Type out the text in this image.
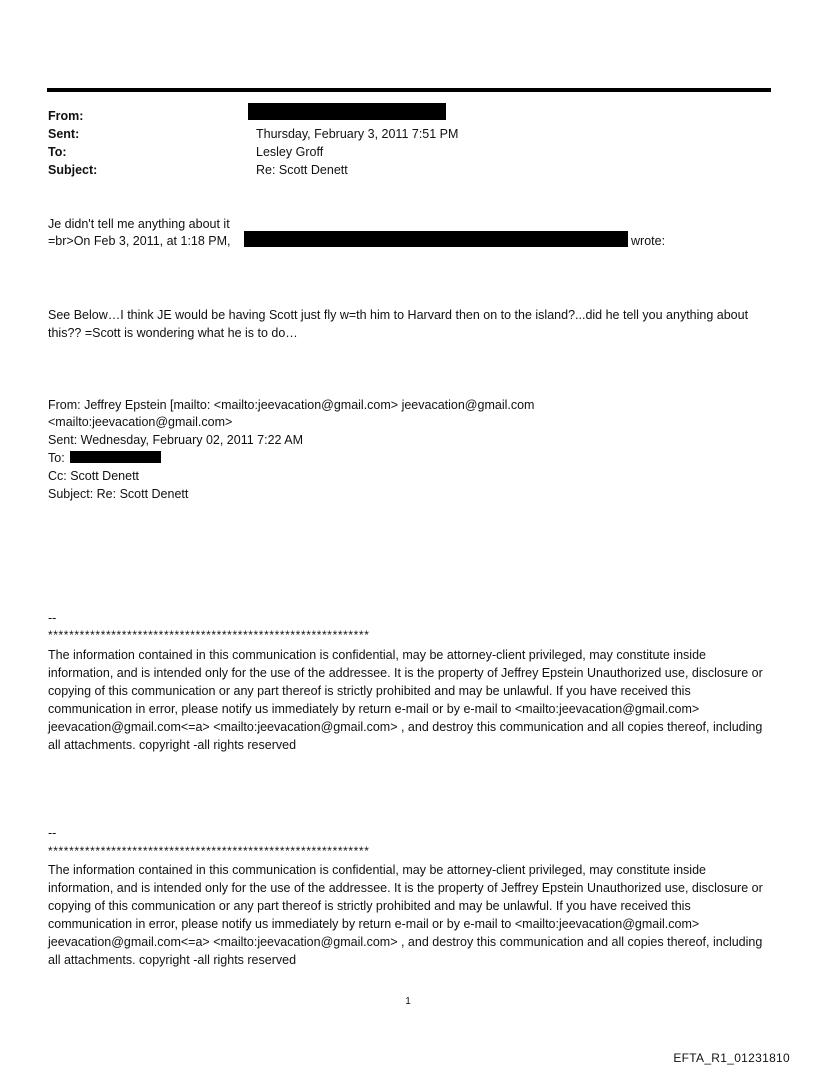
From:
Sent:	Thursday, February 3, 2011 7:51 PM
To:	Lesley Groff
Subject:	Re: Scott Denett
Je didn't tell me anything about it
=br>On Feb 3, 2011, at 1:18 PM,	wrote:

See Below…I think JE would be having Scott just fly w=th him to Harvard then on to the island?...did he tell you anything about this?? =Scott is wondering what he is to do…

From: Jeffrey Epstein [mailto: <mailto:jeevacation@gmail.com> jeevacation@gmail.com
<mailto:jeevacation@gmail.com>
Sent: Wednesday, February 02, 2011 7:22 AM
To:
Cc: Scott Denett
Subject: Re: Scott Denett
--
*************************************************************

The information contained in this communication is confidential, may be attorney-client privileged, may constitute inside information, and is intended only for the use of the addressee. It is the property of Jeffrey Epstein Unauthorized use, disclosure or copying of this communication or any part thereof is strictly prohibited and may be unlawful. If you have received this communication in error, please notify us immediately by return e-mail or by e-mail to <mailto:jeevacation@gmail.com> jeevacation@gmail.com<=a> <mailto:jeevacation@gmail.com> , and destroy this communication and all copies thereof, including all attachments. copyright -all rights reserved

--
*************************************************************

The information contained in this communication is confidential, may be attorney-client privileged, may constitute inside information, and is intended only for the use of the addressee. It is the property of Jeffrey Epstein Unauthorized use, disclosure or copying of this communication or any part thereof is strictly prohibited and may be unlawful. If you have received this communication in error, please notify us immediately by return e-mail or by e-mail to <mailto:jeevacation@gmail.com> jeevacation@gmail.com<=a> <mailto:jeevacation@gmail.com> , and destroy this communication and all copies thereof, including all attachments. copyright -all rights reserved

1
EFTA_R1_01231810
